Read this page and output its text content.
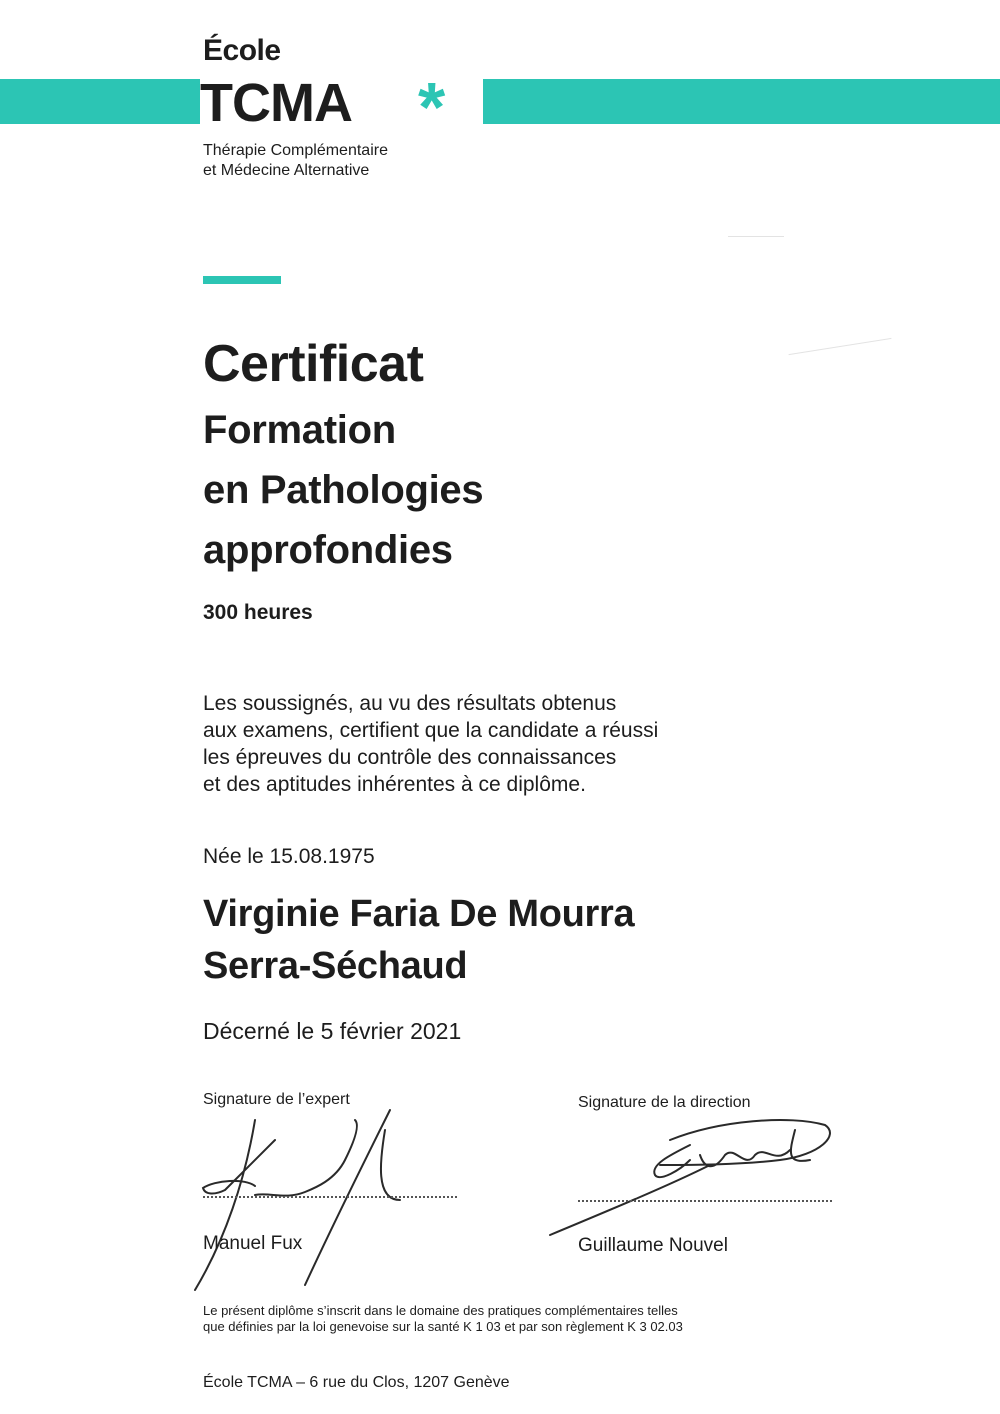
École
TCMA *
Thérapie Complémentaire
et Médecine Alternative
Certificat
Formation
en Pathologies
approfondies
300 heures
Les soussignés, au vu des résultats obtenus
aux examens, certifient que la candidate a réussi
les épreuves du contrôle des connaissances
et des aptitudes inhérentes à ce diplôme.
Née le 15.08.1975
Virginie Faria De Mourra
Serra-Séchaud
Décerné le 5 février 2021
Signature de l’expert	Signature de la direction
Manuel Fux	Guillaume Nouvel
Le présent diplôme s’inscrit dans le domaine des pratiques complémentaires telles
que définies par la loi genevoise sur la santé K 1 03 et par son règlement K 3 02.03
École TCMA – 6 rue du Clos, 1207 Genève
